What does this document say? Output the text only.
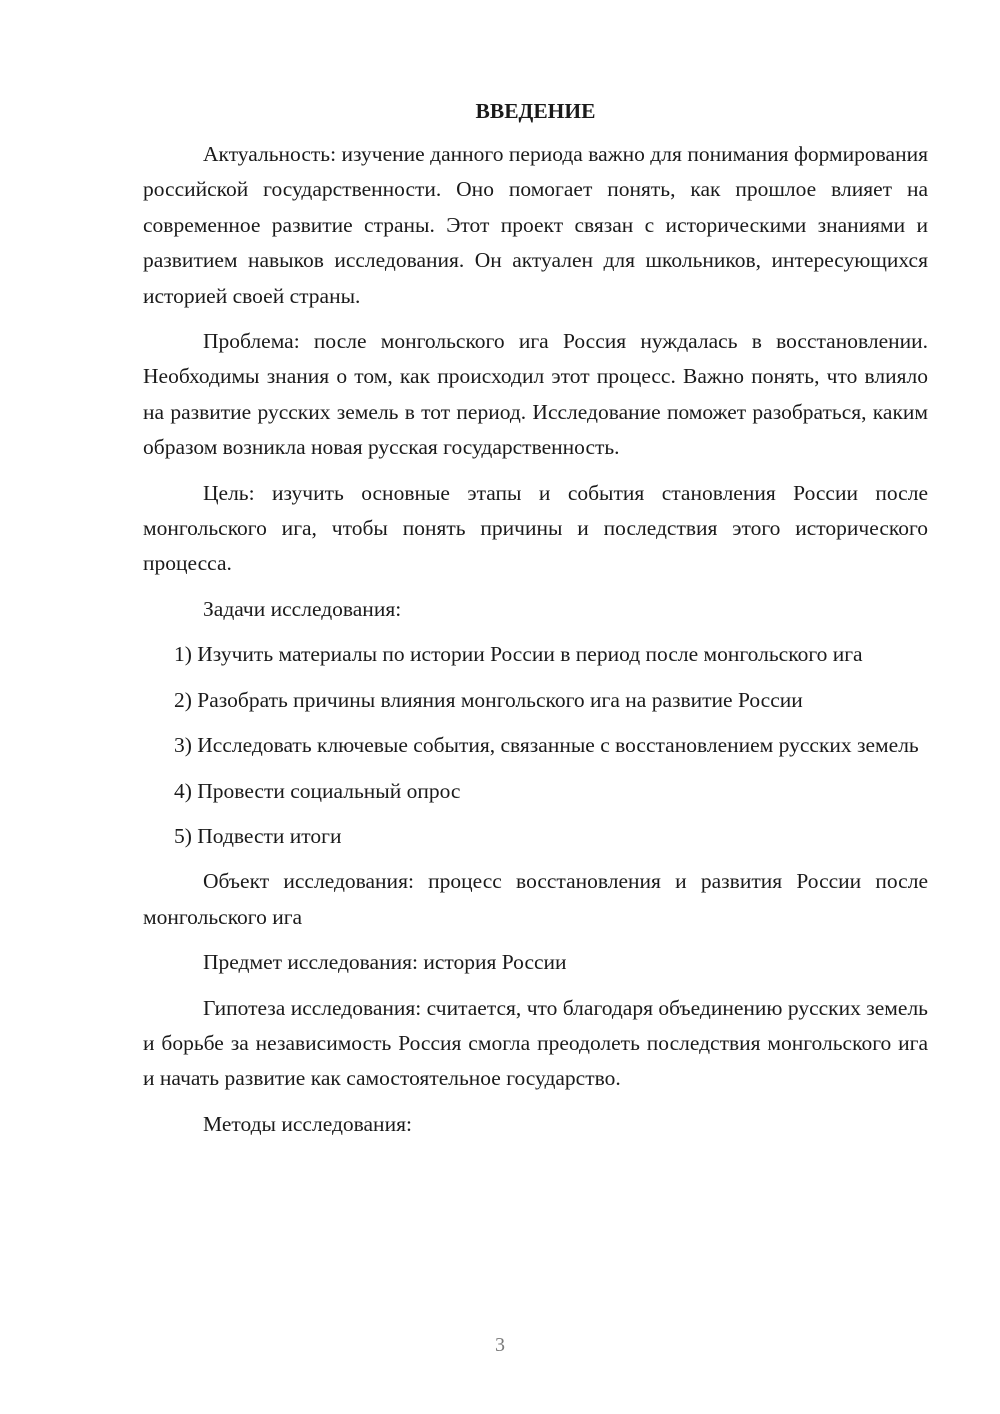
ВВЕДЕНИЕ

Актуальность: изучение данного периода важно для понимания формирования российской государственности. Оно помогает понять, как прошлое влияет на современное развитие страны. Этот проект связан с историческими знаниями и развитием навыков исследования. Он актуален для школьников, интересующихся историей своей страны.

Проблема: после монгольского ига Россия нуждалась в восстановлении. Необходимы знания о том, как происходил этот процесс. Важно понять, что влияло на развитие русских земель в тот период. Исследование поможет разобраться, каким образом возникла новая русская государственность.

Цель: изучить основные этапы и события становления России после монгольского ига, чтобы понять причины и последствия этого исторического процесса.

Задачи исследования:

1) Изучить материалы по истории России в период после монгольского ига

2) Разобрать причины влияния монгольского ига на развитие России

3) Исследовать ключевые события, связанные с восстановлением русских земель

4) Провести социальный опрос

5) Подвести итоги

Объект исследования: процесс восстановления и развития России после монгольского ига

Предмет исследования: история России

Гипотеза исследования: считается, что благодаря объединению русских земель и борьбе за независимость Россия смогла преодолеть последствия монгольского ига и начать развитие как самостоятельное государство.

Методы исследования:

3
